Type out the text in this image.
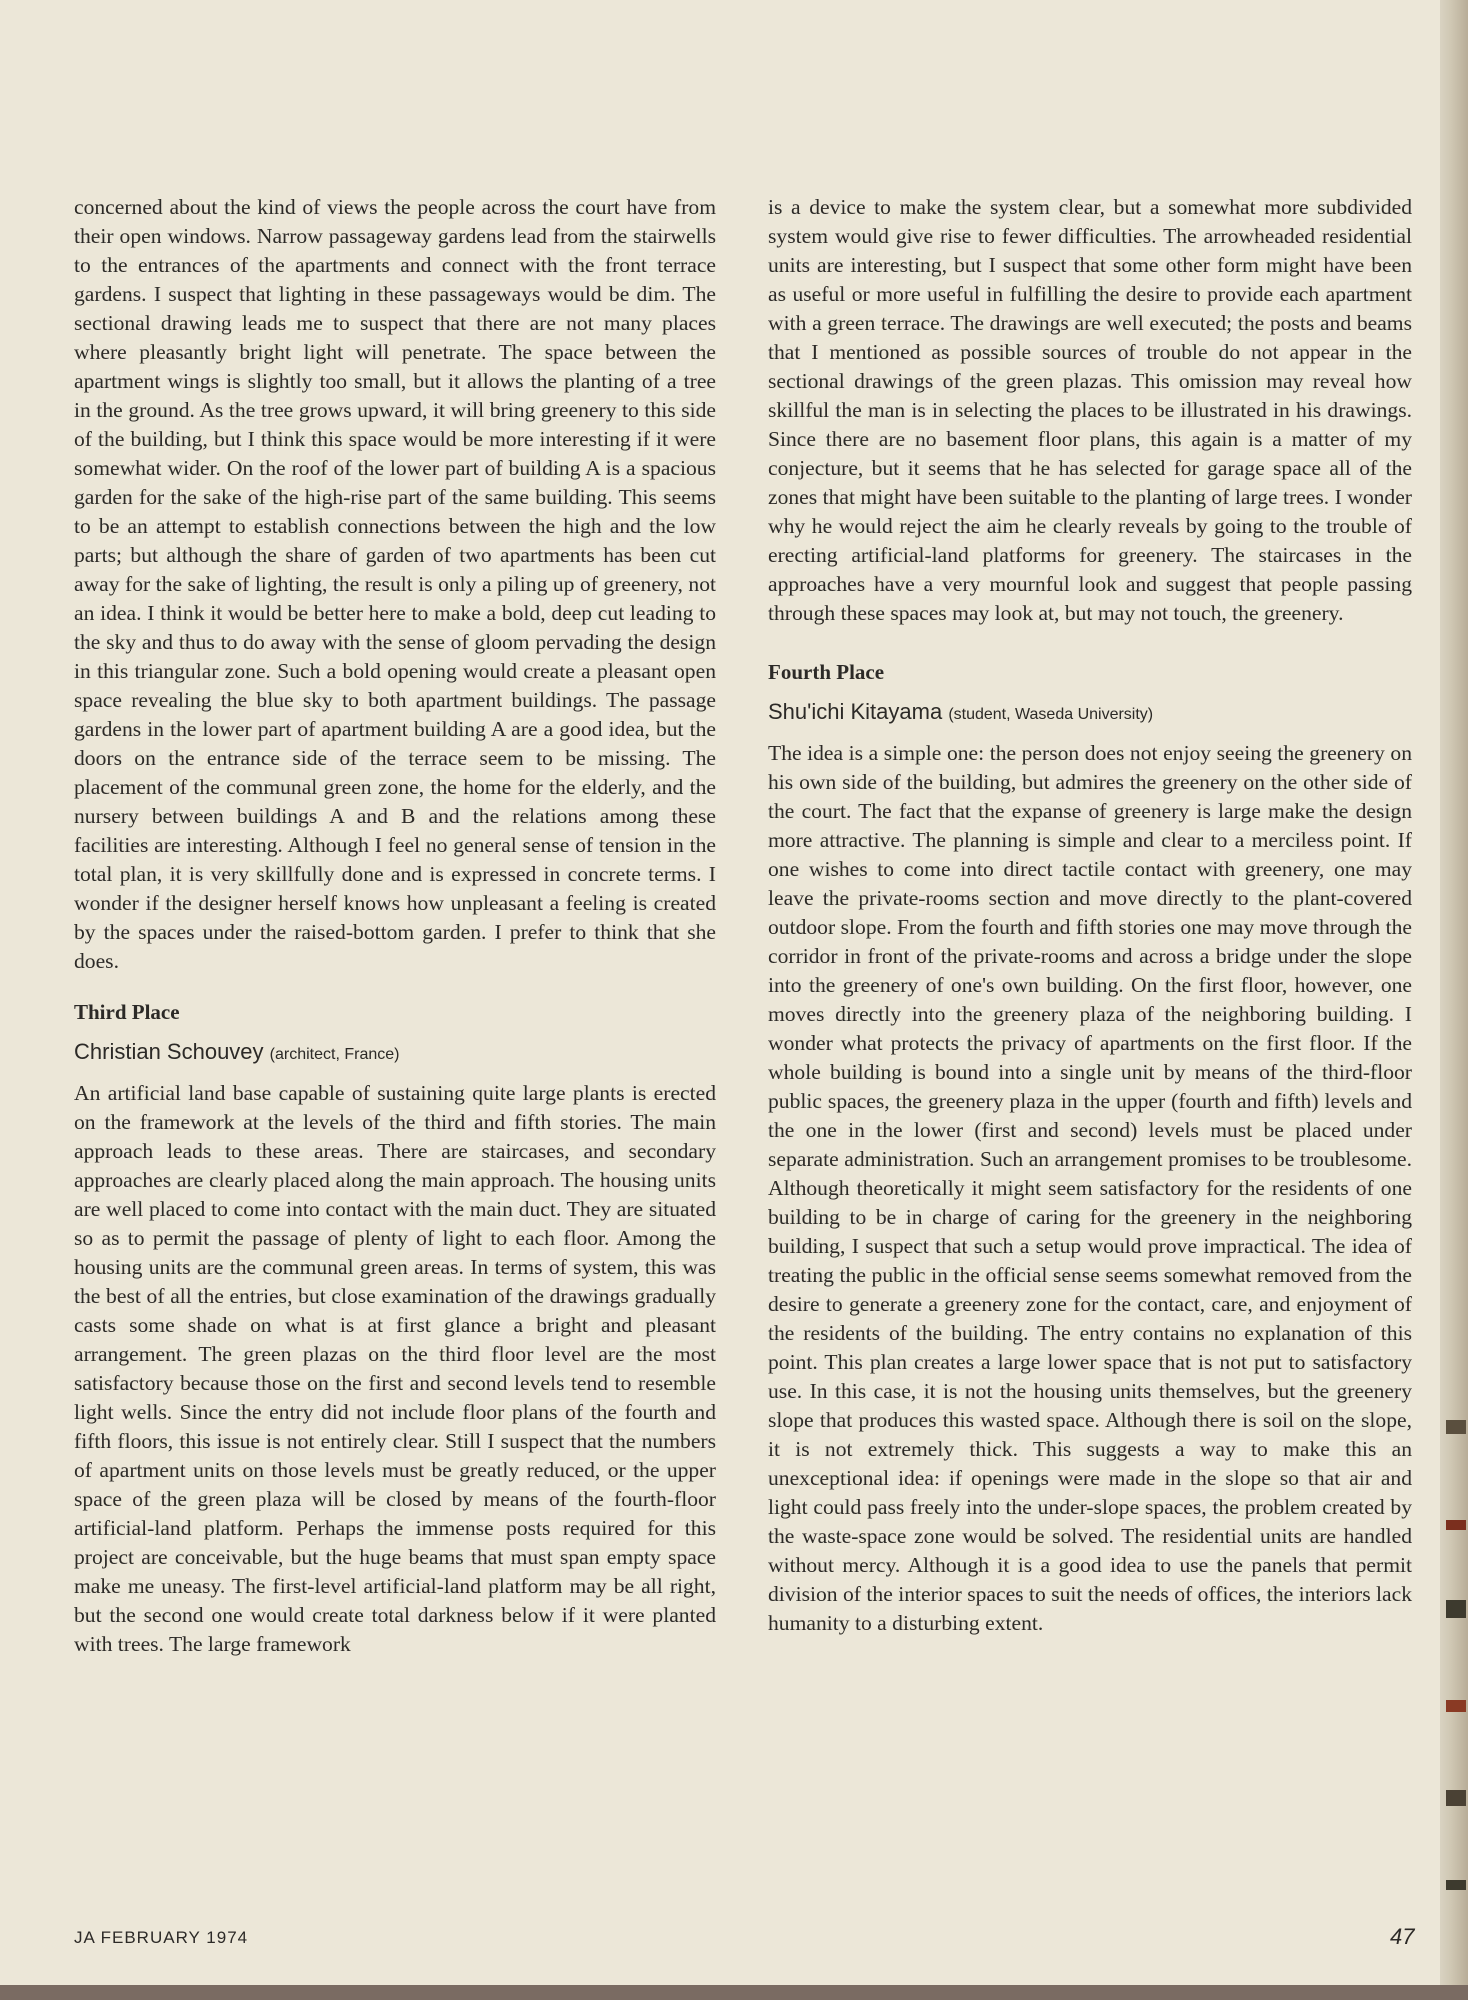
concerned about the kind of views the people across the court have from their open windows. Narrow passageway gardens lead from the stairwells to the entrances of the apartments and connect with the front terrace gardens. I suspect that lighting in these passageways would be dim. The sectional drawing leads me to suspect that there are not many places where pleasantly bright light will penetrate. The space between the apartment wings is slightly too small, but it allows the planting of a tree in the ground. As the tree grows upward, it will bring greenery to this side of the building, but I think this space would be more interesting if it were somewhat wider. On the roof of the lower part of building A is a spacious garden for the sake of the high-rise part of the same building. This seems to be an attempt to establish connections between the high and the low parts; but although the share of garden of two apartments has been cut away for the sake of lighting, the result is only a piling up of greenery, not an idea. I think it would be better here to make a bold, deep cut leading to the sky and thus to do away with the sense of gloom pervading the design in this triangular zone. Such a bold opening would create a pleasant open space revealing the blue sky to both apartment buildings. The passage gardens in the lower part of apartment building A are a good idea, but the doors on the entrance side of the terrace seem to be missing. The placement of the communal green zone, the home for the elderly, and the nursery between buildings A and B and the relations among these facilities are interesting. Although I feel no general sense of tension in the total plan, it is very skillfully done and is expressed in concrete terms. I wonder if the designer herself knows how unpleasant a feeling is created by the spaces under the raised-bottom garden. I prefer to think that she does.

Third Place
Christian Schouvey (architect, France)

An artificial land base capable of sustaining quite large plants is erected on the framework at the levels of the third and fifth stories. The main approach leads to these areas. There are staircases, and secondary approaches are clearly placed along the main approach. The housing units are well placed to come into contact with the main duct. They are situated so as to permit the passage of plenty of light to each floor. Among the housing units are the communal green areas. In terms of system, this was the best of all the entries, but close examination of the drawings gradually casts some shade on what is at first glance a bright and pleasant arrangement. The green plazas on the third floor level are the most satisfactory because those on the first and second levels tend to resemble light wells. Since the entry did not include floor plans of the fourth and fifth floors, this issue is not entirely clear. Still I suspect that the numbers of apartment units on those levels must be greatly reduced, or the upper space of the green plaza will be closed by means of the fourth-floor artificial-land platform. Perhaps the immense posts required for this project are conceivable, but the huge beams that must span empty space make me uneasy. The first-level artificial-land platform may be all right, but the second one would create total darkness below if it were planted with trees. The large framework

is a device to make the system clear, but a somewhat more subdivided system would give rise to fewer difficulties. The arrowheaded residential units are interesting, but I suspect that some other form might have been as useful or more useful in fulfilling the desire to provide each apartment with a green terrace. The drawings are well executed; the posts and beams that I mentioned as possible sources of trouble do not appear in the sectional drawings of the green plazas. This omission may reveal how skillful the man is in selecting the places to be illustrated in his drawings. Since there are no basement floor plans, this again is a matter of my conjecture, but it seems that he has selected for garage space all of the zones that might have been suitable to the planting of large trees. I wonder why he would reject the aim he clearly reveals by going to the trouble of erecting artificial-land platforms for greenery. The staircases in the approaches have a very mournful look and suggest that people passing through these spaces may look at, but may not touch, the greenery.

Fourth Place
Shu'ichi Kitayama (student, Waseda University)

The idea is a simple one: the person does not enjoy seeing the greenery on his own side of the building, but admires the greenery on the other side of the court. The fact that the expanse of greenery is large make the design more attractive. The planning is simple and clear to a merciless point. If one wishes to come into direct tactile contact with greenery, one may leave the private-rooms section and move directly to the plant-covered outdoor slope. From the fourth and fifth stories one may move through the corridor in front of the private-rooms and across a bridge under the slope into the greenery of one's own building. On the first floor, however, one moves directly into the greenery plaza of the neighboring building. I wonder what protects the privacy of apartments on the first floor. If the whole building is bound into a single unit by means of the third-floor public spaces, the greenery plaza in the upper (fourth and fifth) levels and the one in the lower (first and second) levels must be placed under separate administration. Such an arrangement promises to be troublesome. Although theoretically it might seem satisfactory for the residents of one building to be in charge of caring for the greenery in the neighboring building, I suspect that such a setup would prove impractical. The idea of treating the public in the official sense seems somewhat removed from the desire to generate a greenery zone for the contact, care, and enjoyment of the residents of the building. The entry contains no explanation of this point. This plan creates a large lower space that is not put to satisfactory use. In this case, it is not the housing units themselves, but the greenery slope that produces this wasted space. Although there is soil on the slope, it is not extremely thick. This suggests a way to make this an unexceptional idea: if openings were made in the slope so that air and light could pass freely into the under-slope spaces, the problem created by the waste-space zone would be solved. The residential units are handled without mercy. Although it is a good idea to use the panels that permit division of the interior spaces to suit the needs of offices, the interiors lack humanity to a disturbing extent.

JA FEBRUARY 1974	47
